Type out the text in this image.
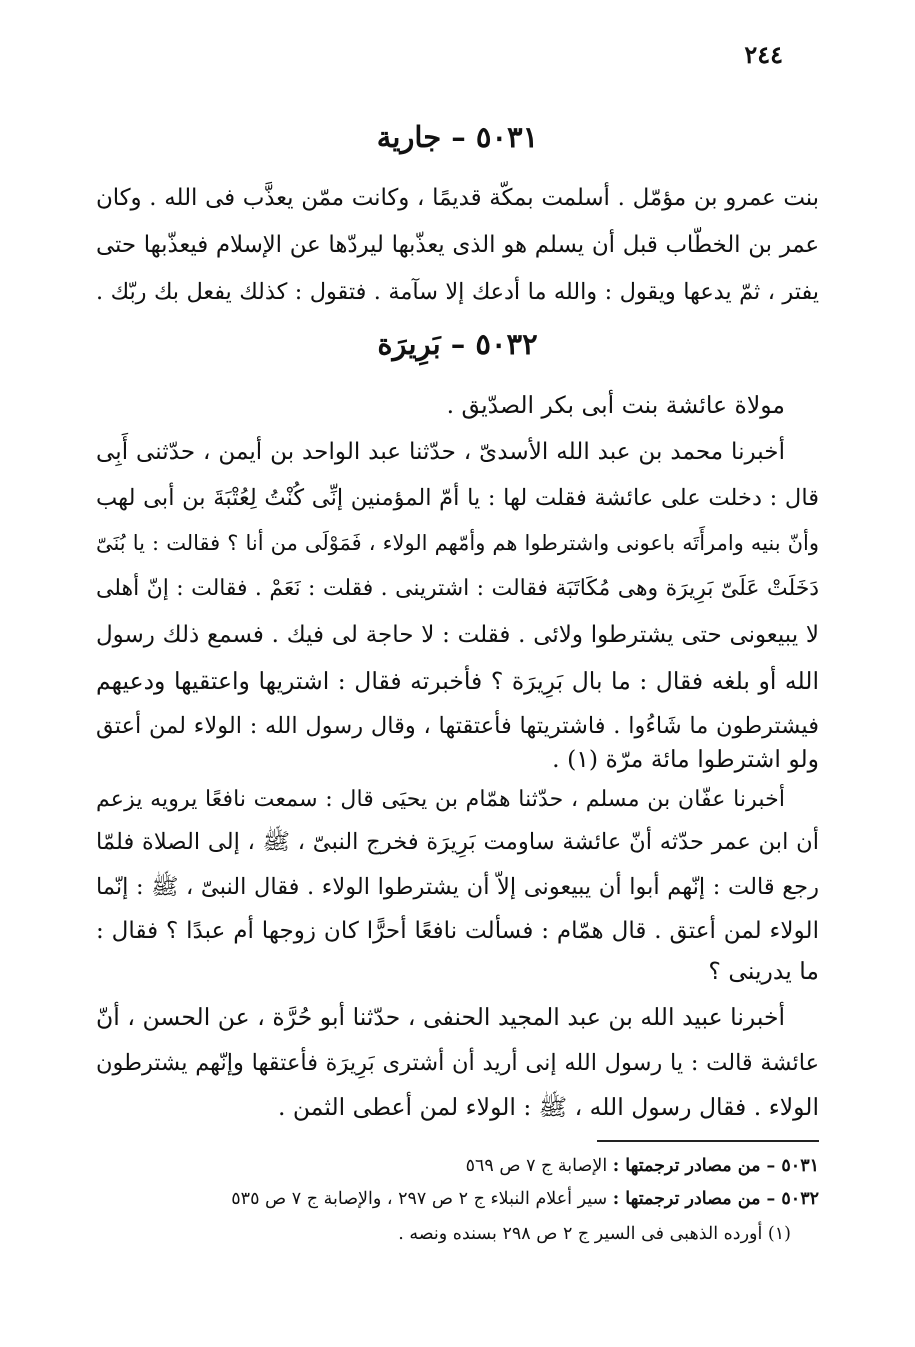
٢٤٤
٥٠٣١ – جارية
بنت عمرو بن مؤمّل . أسلمت بمكّة قديمًا ، وكانت ممّن يعذَّب فى الله . وكان
عمر بن الخطّاب قبل أن يسلم هو الذى يعذّبها ليردّها عن الإسلام فيعذّبها حتى
يفتر ، ثمّ يدعها ويقول : والله ما أدعك إلا سآمة . فتقول : كذلك يفعل بك ربّك .
٥٠٣٢ – بَرِيرَة
مولاة عائشة بنت أبى بكر الصدّيق .
أخبرنا محمد بن عبد الله الأسدىّ ، حدّثنا عبد الواحد بن أيمن ، حدّثنى أَبِى
قال : دخلت على عائشة فقلت لها : يا أمّ المؤمنين إنِّى كُنْتُ لِعُتْبَةَ بن أبى لهب
وأنّ بنيه وامرأَتَه باعونى واشترطوا هم وأمّهم الولاء ، فَمَوْلَى من أنا ؟ فقالت : يا بُنَىّ
دَخَلَتْ عَلَىّ بَرِيرَة وهى مُكَاتَبَة فقالت : اشترينى . فقلت : نَعَمْ . فقالت : إنّ أهلى
لا يبيعونى حتى يشترطوا ولائى . فقلت : لا حاجة لى فيك . فسمع ذلك رسول
الله أو بلغه فقال : ما بال بَرِيرَة ؟ فأخبرته فقال : اشتريها واعتقيها ودعيهم
فيشترطون ما شَاءُوا . فاشتريتها فأعتقتها ، وقال رسول الله : الولاء لمن أعتق
ولو اشترطوا مائة مرّة (١) .
أخبرنا عفّان بن مسلم ، حدّثنا همّام بن يحيَى قال : سمعت نافعًا يرويه يزعم
أن ابن عمر حدّثه أنّ عائشة ساومت بَرِيرَة فخرج النبىّ ، ﷺ ، إلى الصلاة فلمّا
رجع قالت : إنّهم أبوا أن يبيعونى إلاّ أن يشترطوا الولاء . فقال النبىّ ، ﷺ : إنّما
الولاء لمن أعتق . قال همّام : فسألت نافعًا أحرًّا كان زوجها أم عبدًا ؟ فقال :
ما يدرينى ؟
أخبرنا عبيد الله بن عبد المجيد الحنفى ، حدّثنا أبو حُرَّة ، عن الحسن ، أنّ
عائشة قالت : يا رسول الله إنى أريد أن أشترى بَرِيرَة فأعتقها وإنّهم يشترطون
الولاء . فقال رسول الله ، ﷺ : الولاء لمن أعطى الثمن .
٥٠٣١ – من مصادر ترجمتها : الإصابة ج ٧ ص ٥٦٩
٥٠٣٢ – من مصادر ترجمتها : سير أعلام النبلاء ج ٢ ص ٢٩٧ ، والإصابة ج ٧ ص ٥٣٥
(١) أورده الذهبى فى السير ج ٢ ص ٢٩٨ بسنده ونصه .
